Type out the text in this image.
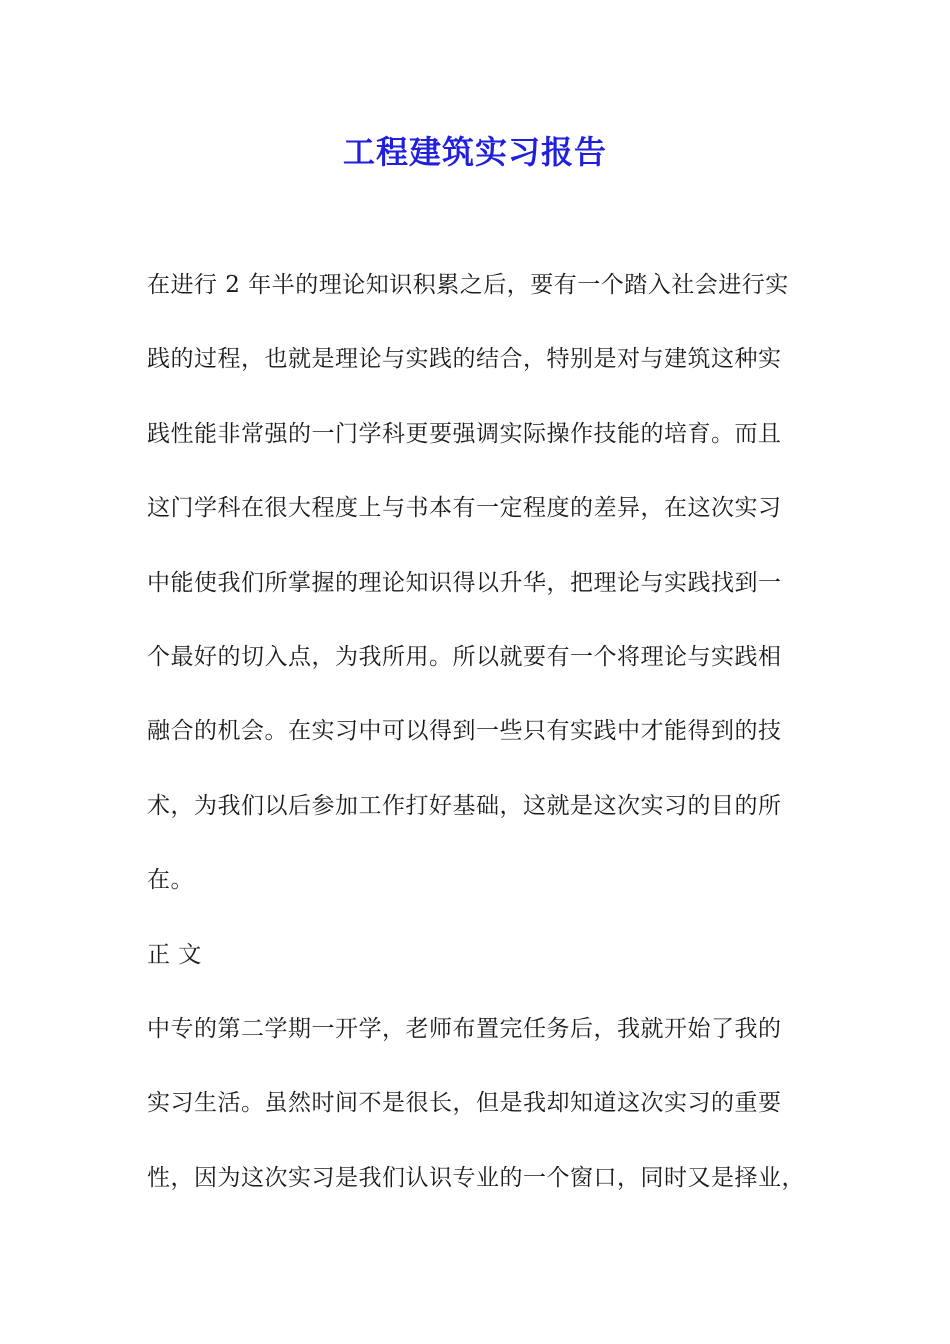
工程建筑实习报告
在进行 2 年半的理论知识积累之后，要有一个踏入社会进行实
践的过程，也就是理论与实践的结合，特别是对与建筑这种实
践性能非常强的一门学科更要强调实际操作技能的培育。而且
这门学科在很大程度上与书本有一定程度的差异，在这次实习
中能使我们所掌握的理论知识得以升华，把理论与实践找到一
个最好的切入点，为我所用。所以就要有一个将理论与实践相
融合的机会。在实习中可以得到一些只有实践中才能得到的技
术，为我们以后参加工作打好基础，这就是这次实习的目的所
在。
正 文
中专的第二学期一开学，老师布置完任务后，我就开始了我的
实习生活。虽然时间不是很长，但是我却知道这次实习的重要
性，因为这次实习是我们认识专业的一个窗口，同时又是择业，
